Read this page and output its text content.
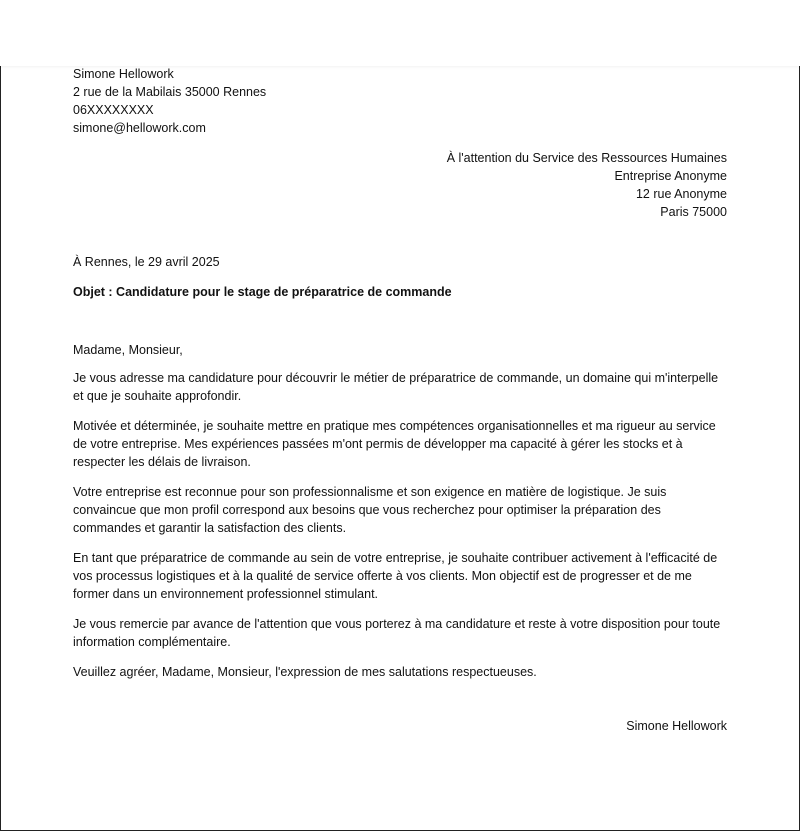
Simone Hellowork
2 rue de la Mabilais 35000 Rennes
06XXXXXXXX
simone@hellowork.com
À l'attention du Service des Ressources Humaines
Entreprise Anonyme
12 rue Anonyme
Paris 75000
À Rennes, le 29 avril 2025
Objet : Candidature pour le stage de préparatrice de commande
Madame, Monsieur,

Je vous adresse ma candidature pour découvrir le métier de préparatrice de commande, un domaine qui m'interpelle et que je souhaite approfondir.

Motivée et déterminée, je souhaite mettre en pratique mes compétences organisationnelles et ma rigueur au service de votre entreprise. Mes expériences passées m'ont permis de développer ma capacité à gérer les stocks et à respecter les délais de livraison.

Votre entreprise est reconnue pour son professionnalisme et son exigence en matière de logistique. Je suis convaincue que mon profil correspond aux besoins que vous recherchez pour optimiser la préparation des commandes et garantir la satisfaction des clients.

En tant que préparatrice de commande au sein de votre entreprise, je souhaite contribuer activement à l'efficacité de vos processus logistiques et à la qualité de service offerte à vos clients. Mon objectif est de progresser et de me former dans un environnement professionnel stimulant.

Je vous remercie par avance de l'attention que vous porterez à ma candidature et reste à votre disposition pour toute information complémentaire.

Veuillez agréer, Madame, Monsieur, l'expression de mes salutations respectueuses.

Simone Hellowork
